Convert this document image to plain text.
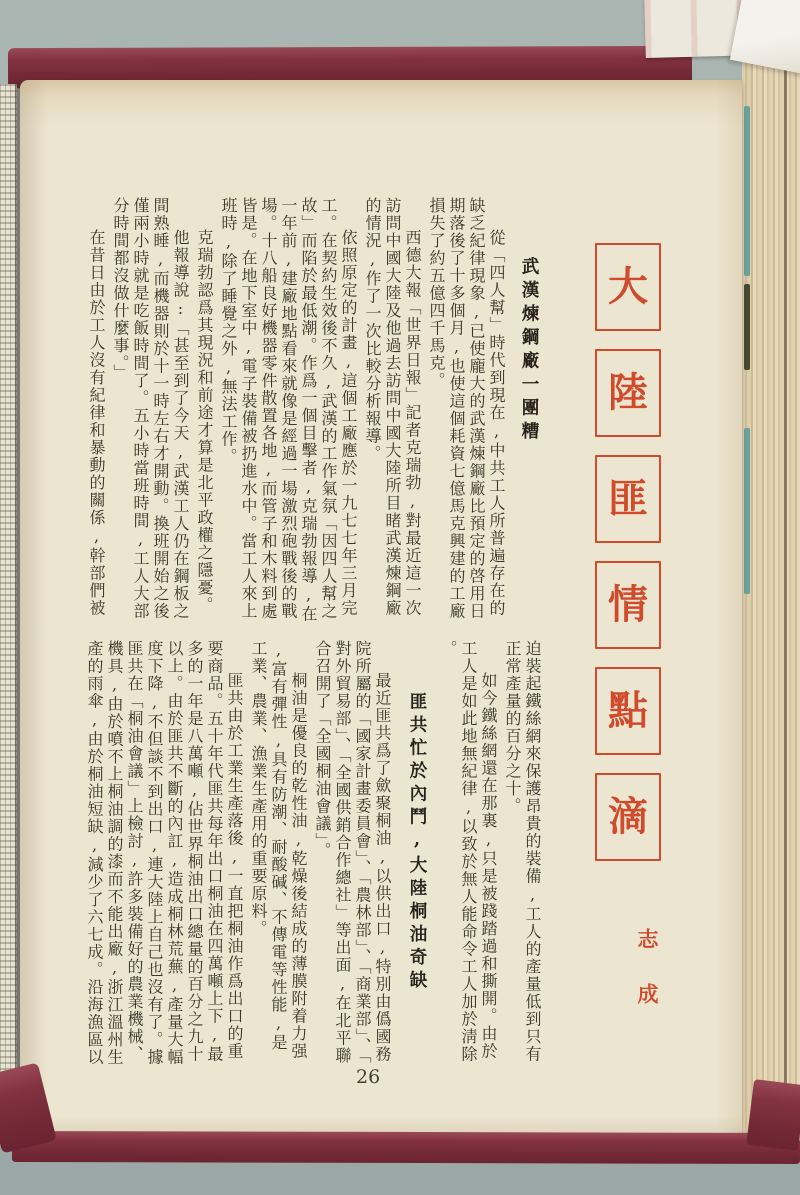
大
陸
匪
情
點
滴
志成
武漢煉鋼廠一團糟

從「四人幫」時代到現在,中共工人所普遍存在的缺乏紀律現象,已使龐大的武漢煉鋼廠比預定的啓用日期落後了十多個月,也使這個耗資七億馬克興建的工廠損失了約五億四千馬克。

西德大報「世界日報」記者克瑞勃,對最近這一次訪問中國大陸及他過去訪問中國大陸所目睹武漢煉鋼廠的情況,作了一次比較分析報導。

依照原定的計畫,這個工廠應於一九七七年三月完工。在契約生效後不久,武漢的工作氣氛「因四人幫之故」而陷於最低潮。作爲一個目擊者,克瑞勃報導,在一年前,建廠地點看來就像是經過一場激烈砲戰後的戰場。十八船良好機器零件散置各地,而管子和木料到處皆是。在地下室中,電子裝備被扔進水中。當工人來上班時,除了睡覺之外,無法工作。

克瑞勃認爲其現況和前途才算是北平政權之隱憂。

他報導說:「甚至到了今天,武漢工人仍在鋼板之間熟睡,而機器則於十一時左右才開動。換班開始之後僅兩小時就是吃飯時間了。五小時當班時間,工人大部分時間都沒做什麼事。」

在昔日由於工人沒有紀律和暴動的關係,幹部們被

迫裝起鐵絲網來保護昂貴的裝備,工人的產量低到只有正常產量的百分之十。

如今鐵絲網還在那裏,只是被踐踏過和撕開。由於工人是如此地無紀律,以致於無人能命令工人加於淸除。

匪共忙於內鬥,大陸桐油奇缺

最近匪共爲了歛聚桐油,以供出口,特別由僞國務院所屬的「國家計畫委員會」、「農林部」、「商業部」、「對外貿易部」、「全國供銷合作總社」等出面,在北平聯合召開了「全國桐油會議」。

桐油是優良的乾性油,乾燥後結成的薄膜附着力强,富有彈性,具有防潮、耐酸碱、不傳電等性能,是工業、農業、漁業生產用的重要原料。

匪共由於工業生產落後,一直把桐油作爲出口的重要商品。五十年代匪共每年出口桐油在四萬噸上下,最多的一年是八萬噸,佔世界桐油出口總量的百分之九十以上。由於匪共不斷的內訌,造成桐林荒蕪,產量大幅度下降,不但談不到出口,連大陸上自己也沒有了。據匪共在「桐油會議」上檢討,許多裝備好的農業機械、機具,由於噴不上桐油調的漆而不能出廠,浙江溫州生產的雨傘,由於桐油短缺,減少了六七成。沿海漁區以

26
